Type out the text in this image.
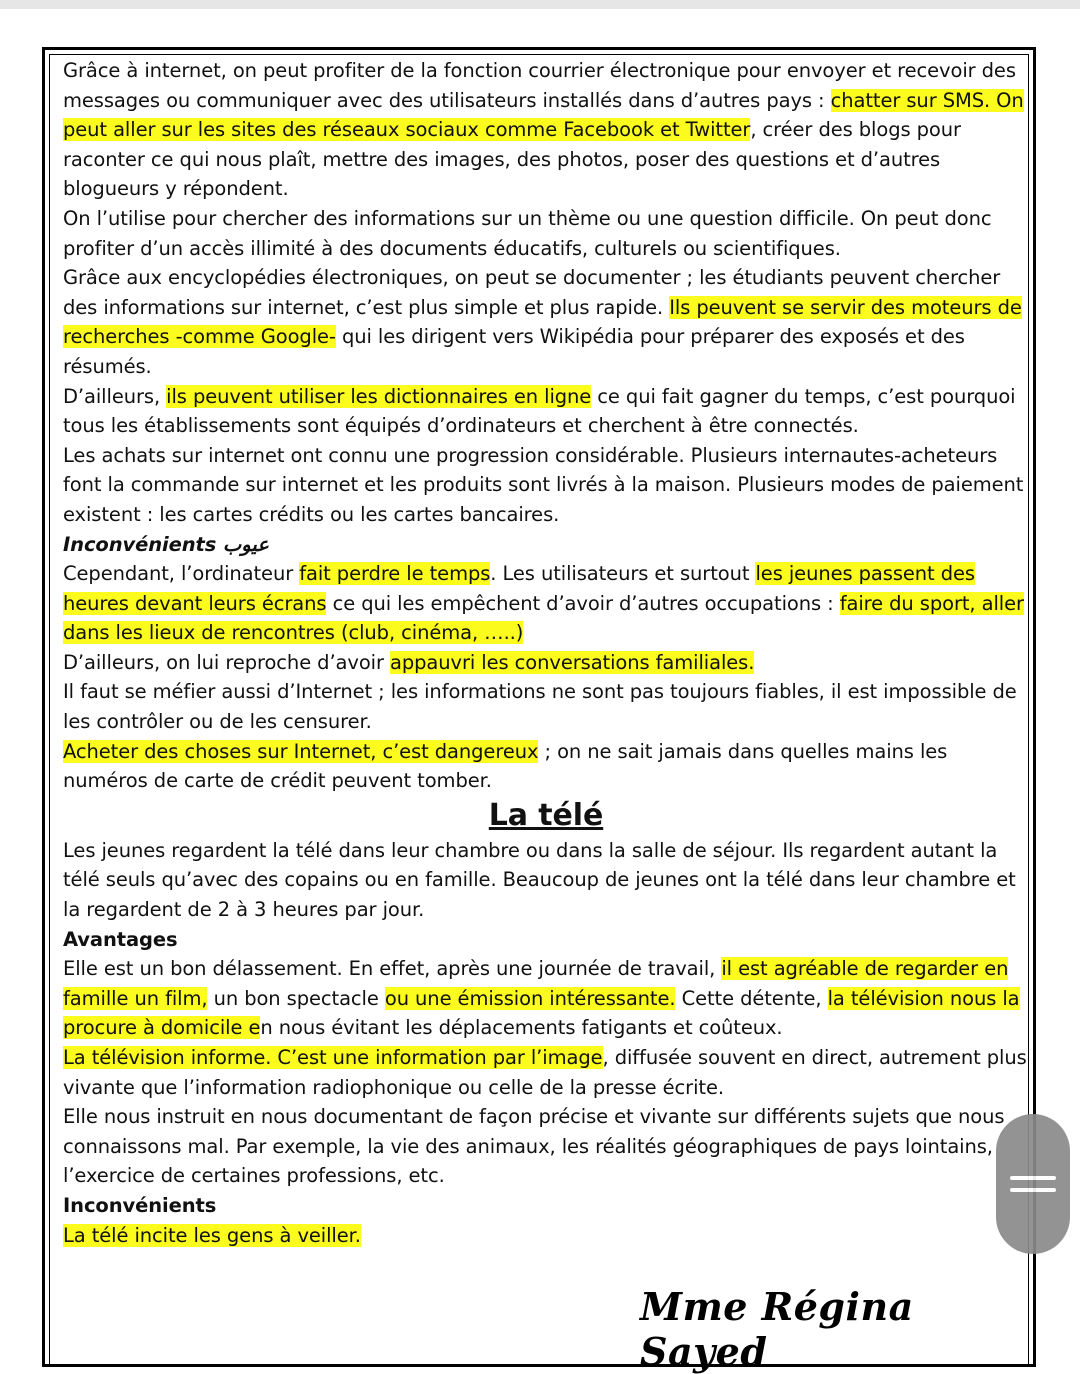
Grâce à internet, on peut profiter de la fonction courrier électronique pour envoyer et recevoir des messages ou communiquer avec des utilisateurs installés dans d’autres pays : chatter sur SMS. On peut aller sur les sites des réseaux sociaux comme Facebook et Twitter, créer des blogs pour raconter ce qui nous plaît, mettre des images, des photos, poser des questions et d’autres blogueurs y répondent.

On l’utilise pour chercher des informations sur un thème ou une question difficile. On peut donc profiter d’un accès illimité à des documents éducatifs, culturels ou scientifiques.

Grâce aux encyclopédies électroniques, on peut se documenter ; les étudiants peuvent chercher des informations sur internet, c’est plus simple et plus rapide. Ils peuvent se servir des moteurs de recherches -comme Google- qui les dirigent vers Wikipédia pour préparer des exposés et des résumés.

D’ailleurs, ils peuvent utiliser les dictionnaires en ligne ce qui fait gagner du temps, c’est pourquoi tous les établissements sont équipés d’ordinateurs et cherchent à être connectés.

Les achats sur internet ont connu une progression considérable. Plusieurs internautes-acheteurs font la commande sur internet et les produits sont livrés à la maison. Plusieurs modes de paiement existent : les cartes crédits ou les cartes bancaires.

Inconvénients عيوب

Cependant, l’ordinateur fait perdre le temps. Les utilisateurs et surtout les jeunes passent des heures devant leurs écrans ce qui les empêchent d’avoir d’autres occupations : faire du sport, aller dans les lieux de rencontres (club, cinéma, …..)

D’ailleurs, on lui reproche d’avoir appauvri les conversations familiales.

Il faut se méfier aussi d’Internet ; les informations ne sont pas toujours fiables, il est impossible de les contrôler ou de les censurer.

Acheter des choses sur Internet, c’est dangereux ; on ne sait jamais dans quelles mains les numéros de carte de crédit peuvent tomber.

La télé

Les jeunes regardent la télé dans leur chambre ou dans la salle de séjour. Ils regardent autant la télé seuls qu’avec des copains ou en famille. Beaucoup de jeunes ont la télé dans leur chambre et la regardent de 2 à 3 heures par jour.

Avantages

Elle est un bon délassement. En effet, après une journée de travail, il est agréable de regarder en famille un film, un bon spectacle ou une émission intéressante. Cette détente, la télévision nous la procure à domicile en nous évitant les déplacements fatigants et coûteux.

La télévision informe. C’est une information par l’image, diffusée souvent en direct, autrement plus vivante que l’information radiophonique ou celle de la presse écrite.

Elle nous instruit en nous documentant de façon précise et vivante sur différents sujets que nous connaissons mal. Par exemple, la vie des animaux, les réalités géographiques de pays lointains, l’exercice de certaines professions, etc.

Inconvénients

La télé incite les gens à veiller.

Mme Régina Sayed
